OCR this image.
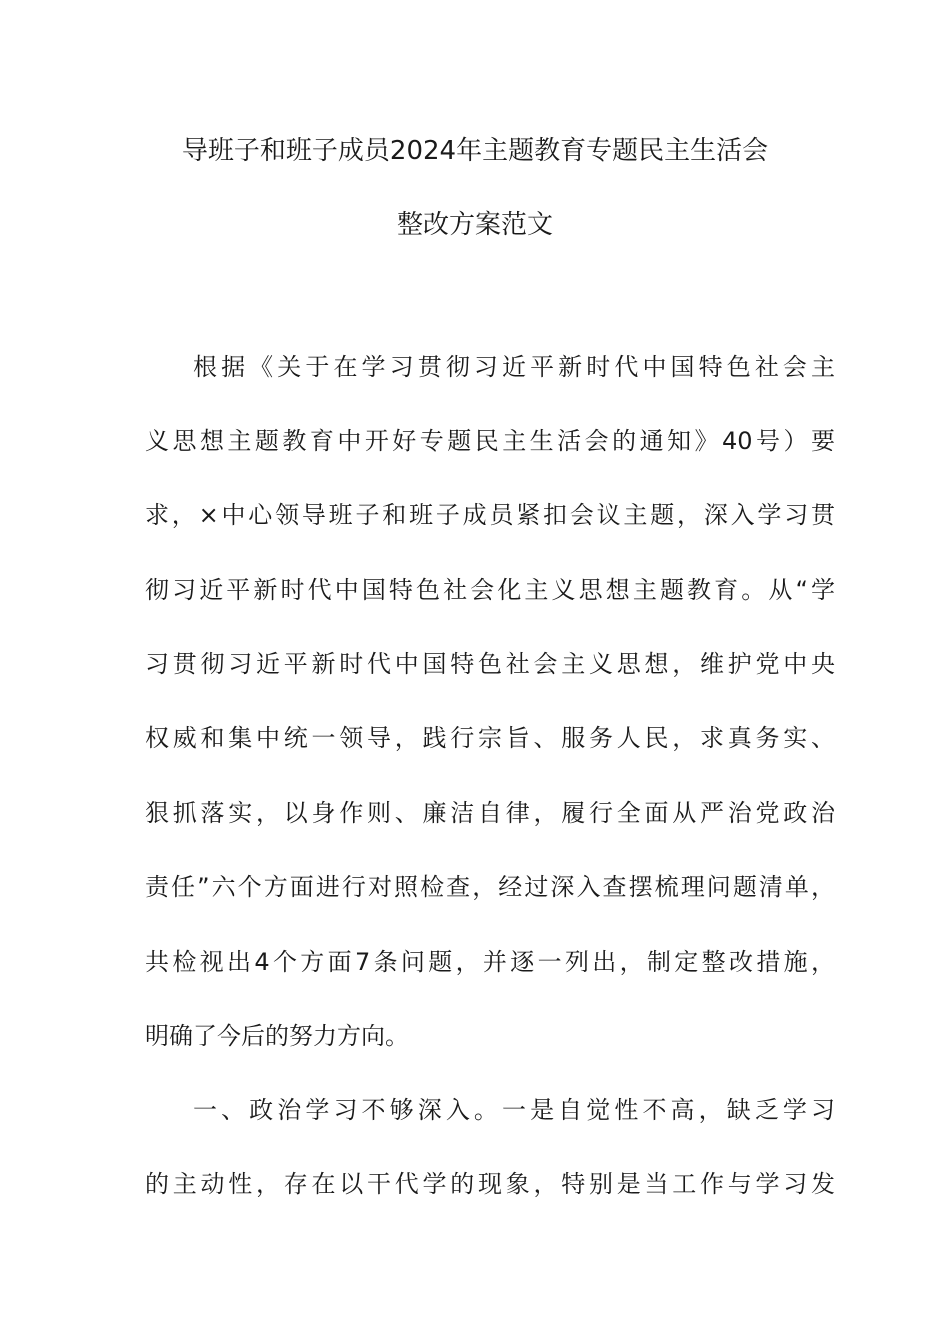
导班子和班子成员2024年主题教育专题民主生活会
整改方案范文
根据《关于在学习贯彻习近平新时代中国特色社会主
义思想主题教育中开好专题民主生活会的通知》40号）要
求，×中心领导班子和班子成员紧扣会议主题，深入学习贯
彻习近平新时代中国特色社会化主义思想主题教育。从“学
习贯彻习近平新时代中国特色社会主义思想，维护党中央
权威和集中统一领导，践行宗旨、服务人民，求真务实、
狠抓落实，以身作则、廉洁自律，履行全面从严治党政治
责任”六个方面进行对照检查，经过深入查摆梳理问题清单，
共检视出4个方面7条问题，并逐一列出，制定整改措施，
明确了今后的努力方向。
一、政治学习不够深入。一是自觉性不高，缺乏学习
的主动性，存在以干代学的现象，特别是当工作与学习发
